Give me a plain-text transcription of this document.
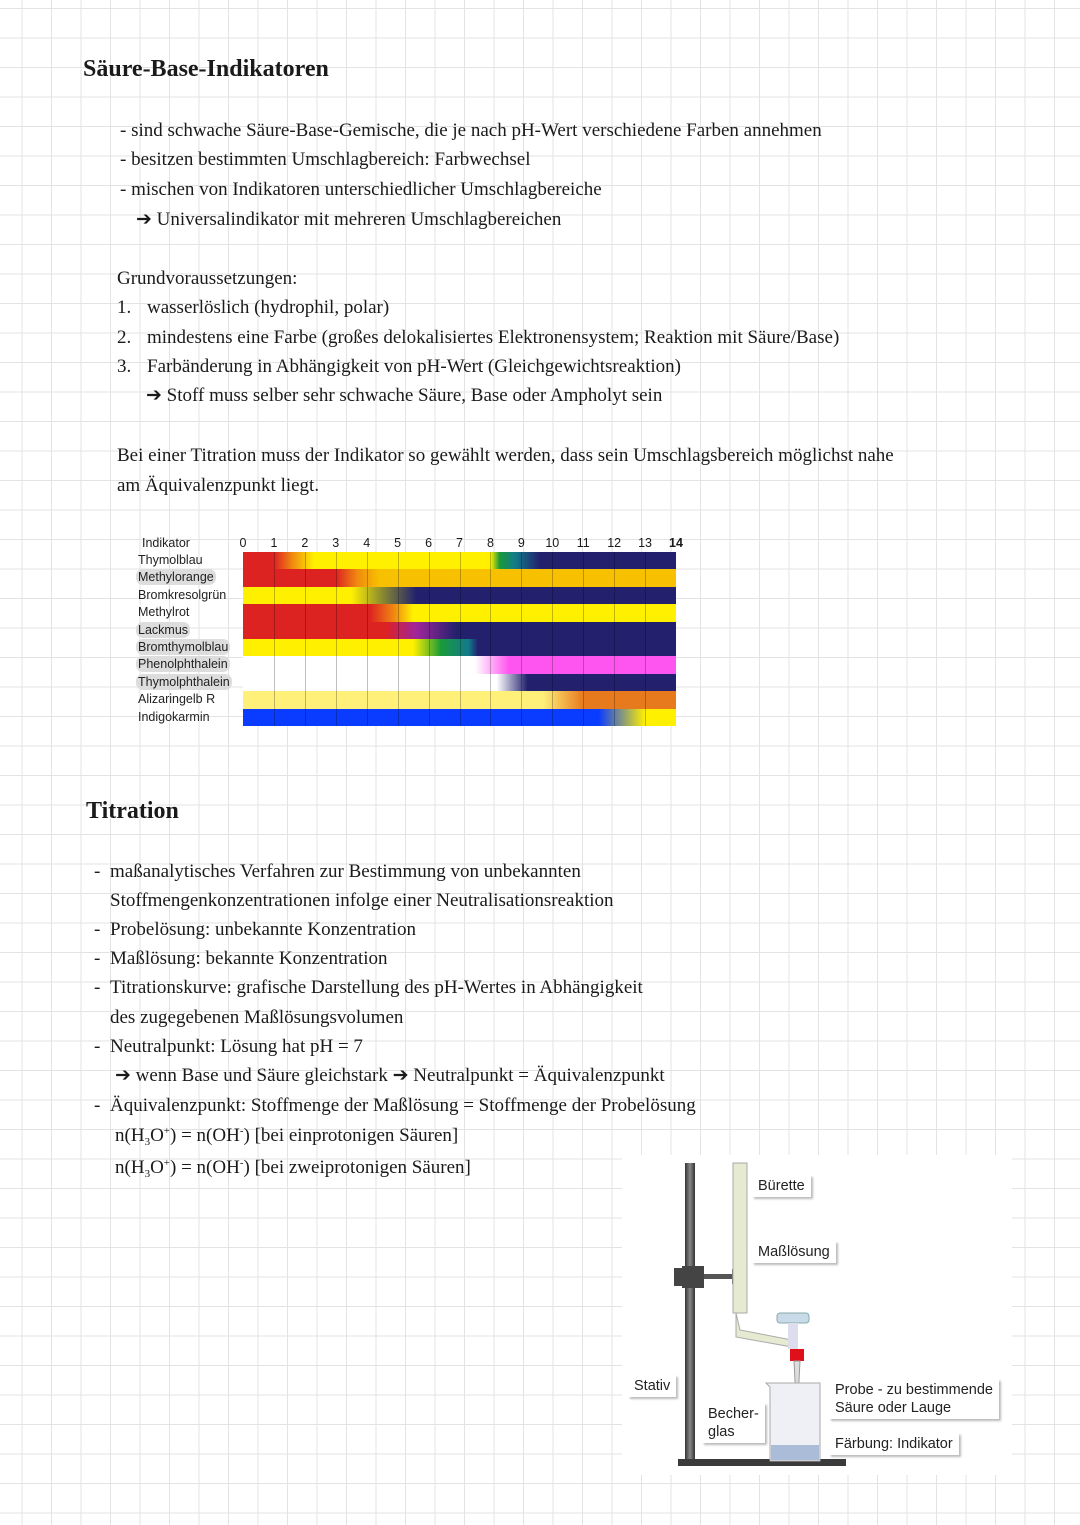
Säure-Base-Indikatoren
- sind schwache Säure-Base-Gemische, die je nach pH-Wert verschiedene Farben annehmen
- besitzen bestimmten Umschlagbereich: Farbwechsel
- mischen von Indikatoren unterschiedlicher Umschlagbereiche
➔ Universalindikator mit mehreren Umschlagbereichen
Grundvoraussetzungen:
1. wasserlöslich (hydrophil, polar)
2. mindestens eine Farbe (großes delokalisiertes Elektronensystem; Reaktion mit Säure/Base)
3. Farbänderung in Abhängigkeit von pH-Wert (Gleichgewichtsreaktion)
➔ Stoff muss selber sehr schwache Säure, Base oder Ampholyt sein
Bei einer Titration muss der Indikator so gewählt werden, dass sein Umschlagsbereich möglichst nahe
am Äquivalenzpunkt liegt.
Indikator	0 1 2 3 4 5 6 7 8 9 10 11 12 13 14
Thymolblau
Methylorange
Bromkresolgrün
Methylrot
Lackmus
Bromthymolblau
Phenolphthalein
Thymolphthalein
Alizaringelb R
Indigokarmin
Titration
- maßanalytisches Verfahren zur Bestimmung von unbekannten
Stoffmengenkonzentrationen infolge einer Neutralisationsreaktion
- Probelösung: unbekannte Konzentration
- Maßlösung: bekannte Konzentration
- Titrationskurve: grafische Darstellung des pH-Wertes in Abhängigkeit
des zugegebenen Maßlösungsvolumen
- Neutralpunkt: Lösung hat pH = 7
➔ wenn Base und Säure gleichstark ➔ Neutralpunkt = Äquivalenzpunkt
- Äquivalenzpunkt: Stoffmenge der Maßlösung = Stoffmenge der Probelösung
$n(H_3O^+) = n(OH^-)$ [bei einprotonigen Säuren]
$n(H_3O^+) = n(OH^-)$ [bei zweiprotonigen Säuren]
Bürette
Maßlösung
Stativ
Becher-
glas
Probe - zu bestimmende
Säure oder Lauge
Färbung: Indikator
